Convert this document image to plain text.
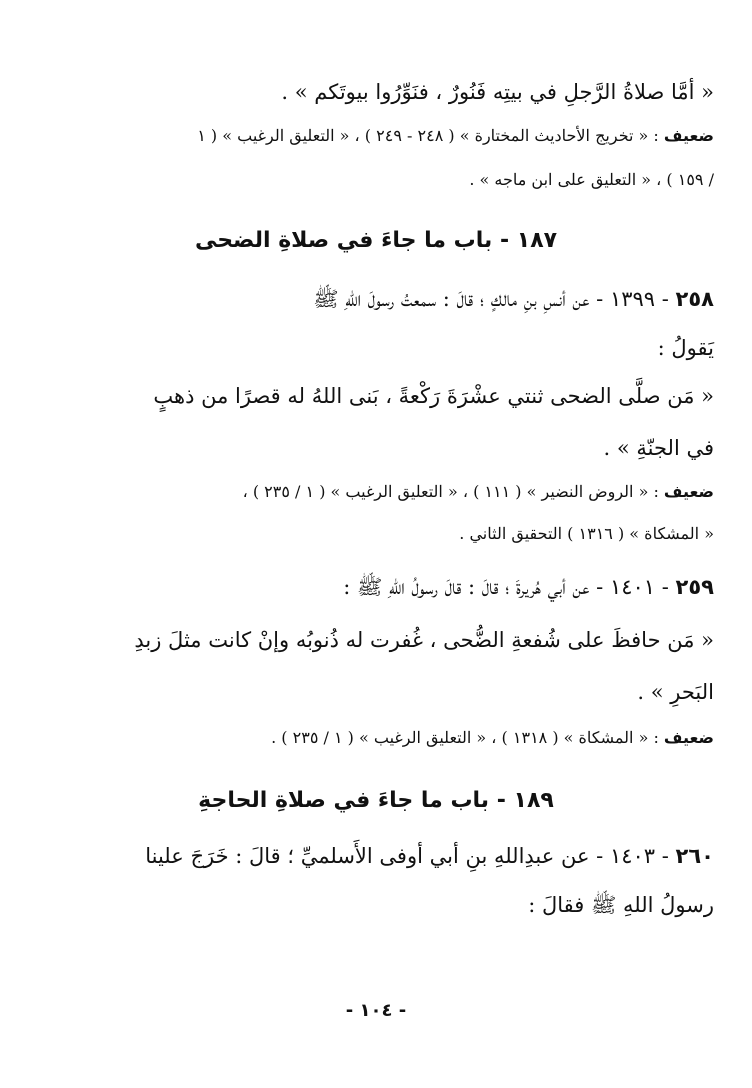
« أمَّا صلاةُ الرَّجلِ في بيتِه فَنُورٌ ، فنَوِّرُوا بيوتَكم » .
ضعيف : « تخريج الأحاديث المختارة » ( ٢٤٨ - ٢٤٩ ) ، « التعليق الرغيب » ( ١
/ ١٥٩ ) ، « التعليق على ابن ماجه » .
١٨٧ - باب ما جاءَ في صلاةِ الضحى
٢٥٨ - ١٣٩٩ - عن أنسِ بنِ مالكٍ ؛ قالَ : سمعتُ رسولَ اللهِ ﷺ
يَقولُ :
« مَن صلَّى الضحى ثنتي عشْرَةَ رَكْعةً ، بَنى اللهُ له قصرًا من ذهبٍ
في الجنّةِ » .
ضعيف : « الروض النضير » ( ١١١ ) ، « التعليق الرغيب » ( ١ / ٢٣٥ ) ،
« المشكاة » ( ١٣١٦ ) التحقيق الثاني .
٢٥٩ - ١٤٠١ - عن أبي هُريرةَ ؛ قالَ : قالَ رسولُ اللهِ ﷺ :
« مَن حافظَ على شُفعةِ الضُّحى ، غُفرت له ذُنوبُه وإنْ كانت مثلَ زبدِ
البَحرِ » .
ضعيف : « المشكاة » ( ١٣١٨ ) ، « التعليق الرغيب » ( ١ / ٢٣٥ ) .
١٨٩ - باب ما جاءَ في صلاةِ الحاجةِ
٢٦٠ - ١٤٠٣ - عن عبدِاللهِ بنِ أبي أوفى الأَسلميِّ ؛ قالَ : خَرَجَ علينا
رسولُ اللهِ ﷺ فقالَ :
- ١٠٤ -
